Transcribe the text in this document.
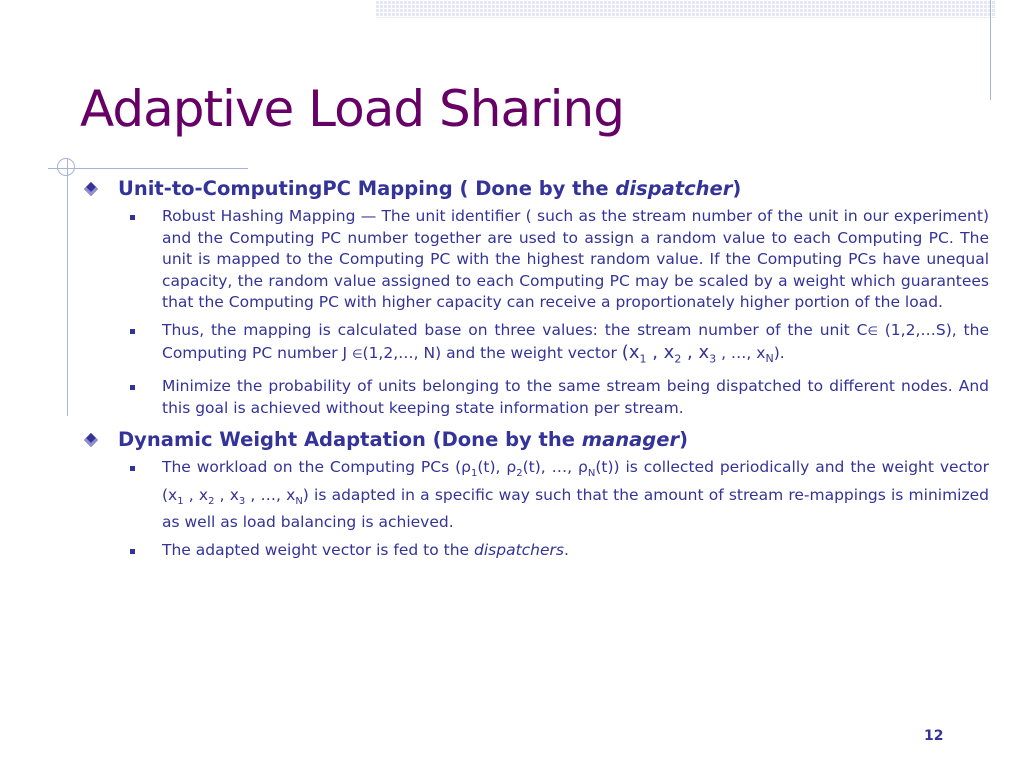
Adaptive Load Sharing
Unit-to-ComputingPC Mapping ( Done by the dispatcher)
Robust Hashing Mapping — The unit identifier ( such as the stream number of the unit in our experiment) and the Computing PC number together are used to assign a random value to each Computing PC. The unit is mapped to the Computing PC with the highest random value. If the Computing PCs have unequal capacity, the random value assigned to each Computing PC may be scaled by a weight which guarantees that the Computing PC with higher capacity can receive a proportionately higher portion of the load.
Thus, the mapping is calculated base on three values: the stream number of the unit C∈ (1,2,…S), the Computing PC number J ∈(1,2,…, N) and the weight vector ($x_1$ , $x_2$ , $x_3$ , …, $x_N$).
Minimize the probability of units belonging to the same stream being dispatched to different nodes. And this goal is achieved without keeping state information per stream.
Dynamic Weight Adaptation (Done by the manager)
The workload on the Computing PCs ($\rho_1(t)$, $\rho_2(t)$, …, $\rho_N(t)$) is collected periodically and the weight vector ($x_1$ , $x_2$ , $x_3$ , …, $x_N$) is adapted in a specific way such that the amount of stream re-mappings is minimized as well as load balancing is achieved.
The adapted weight vector is fed to the dispatchers.
12
